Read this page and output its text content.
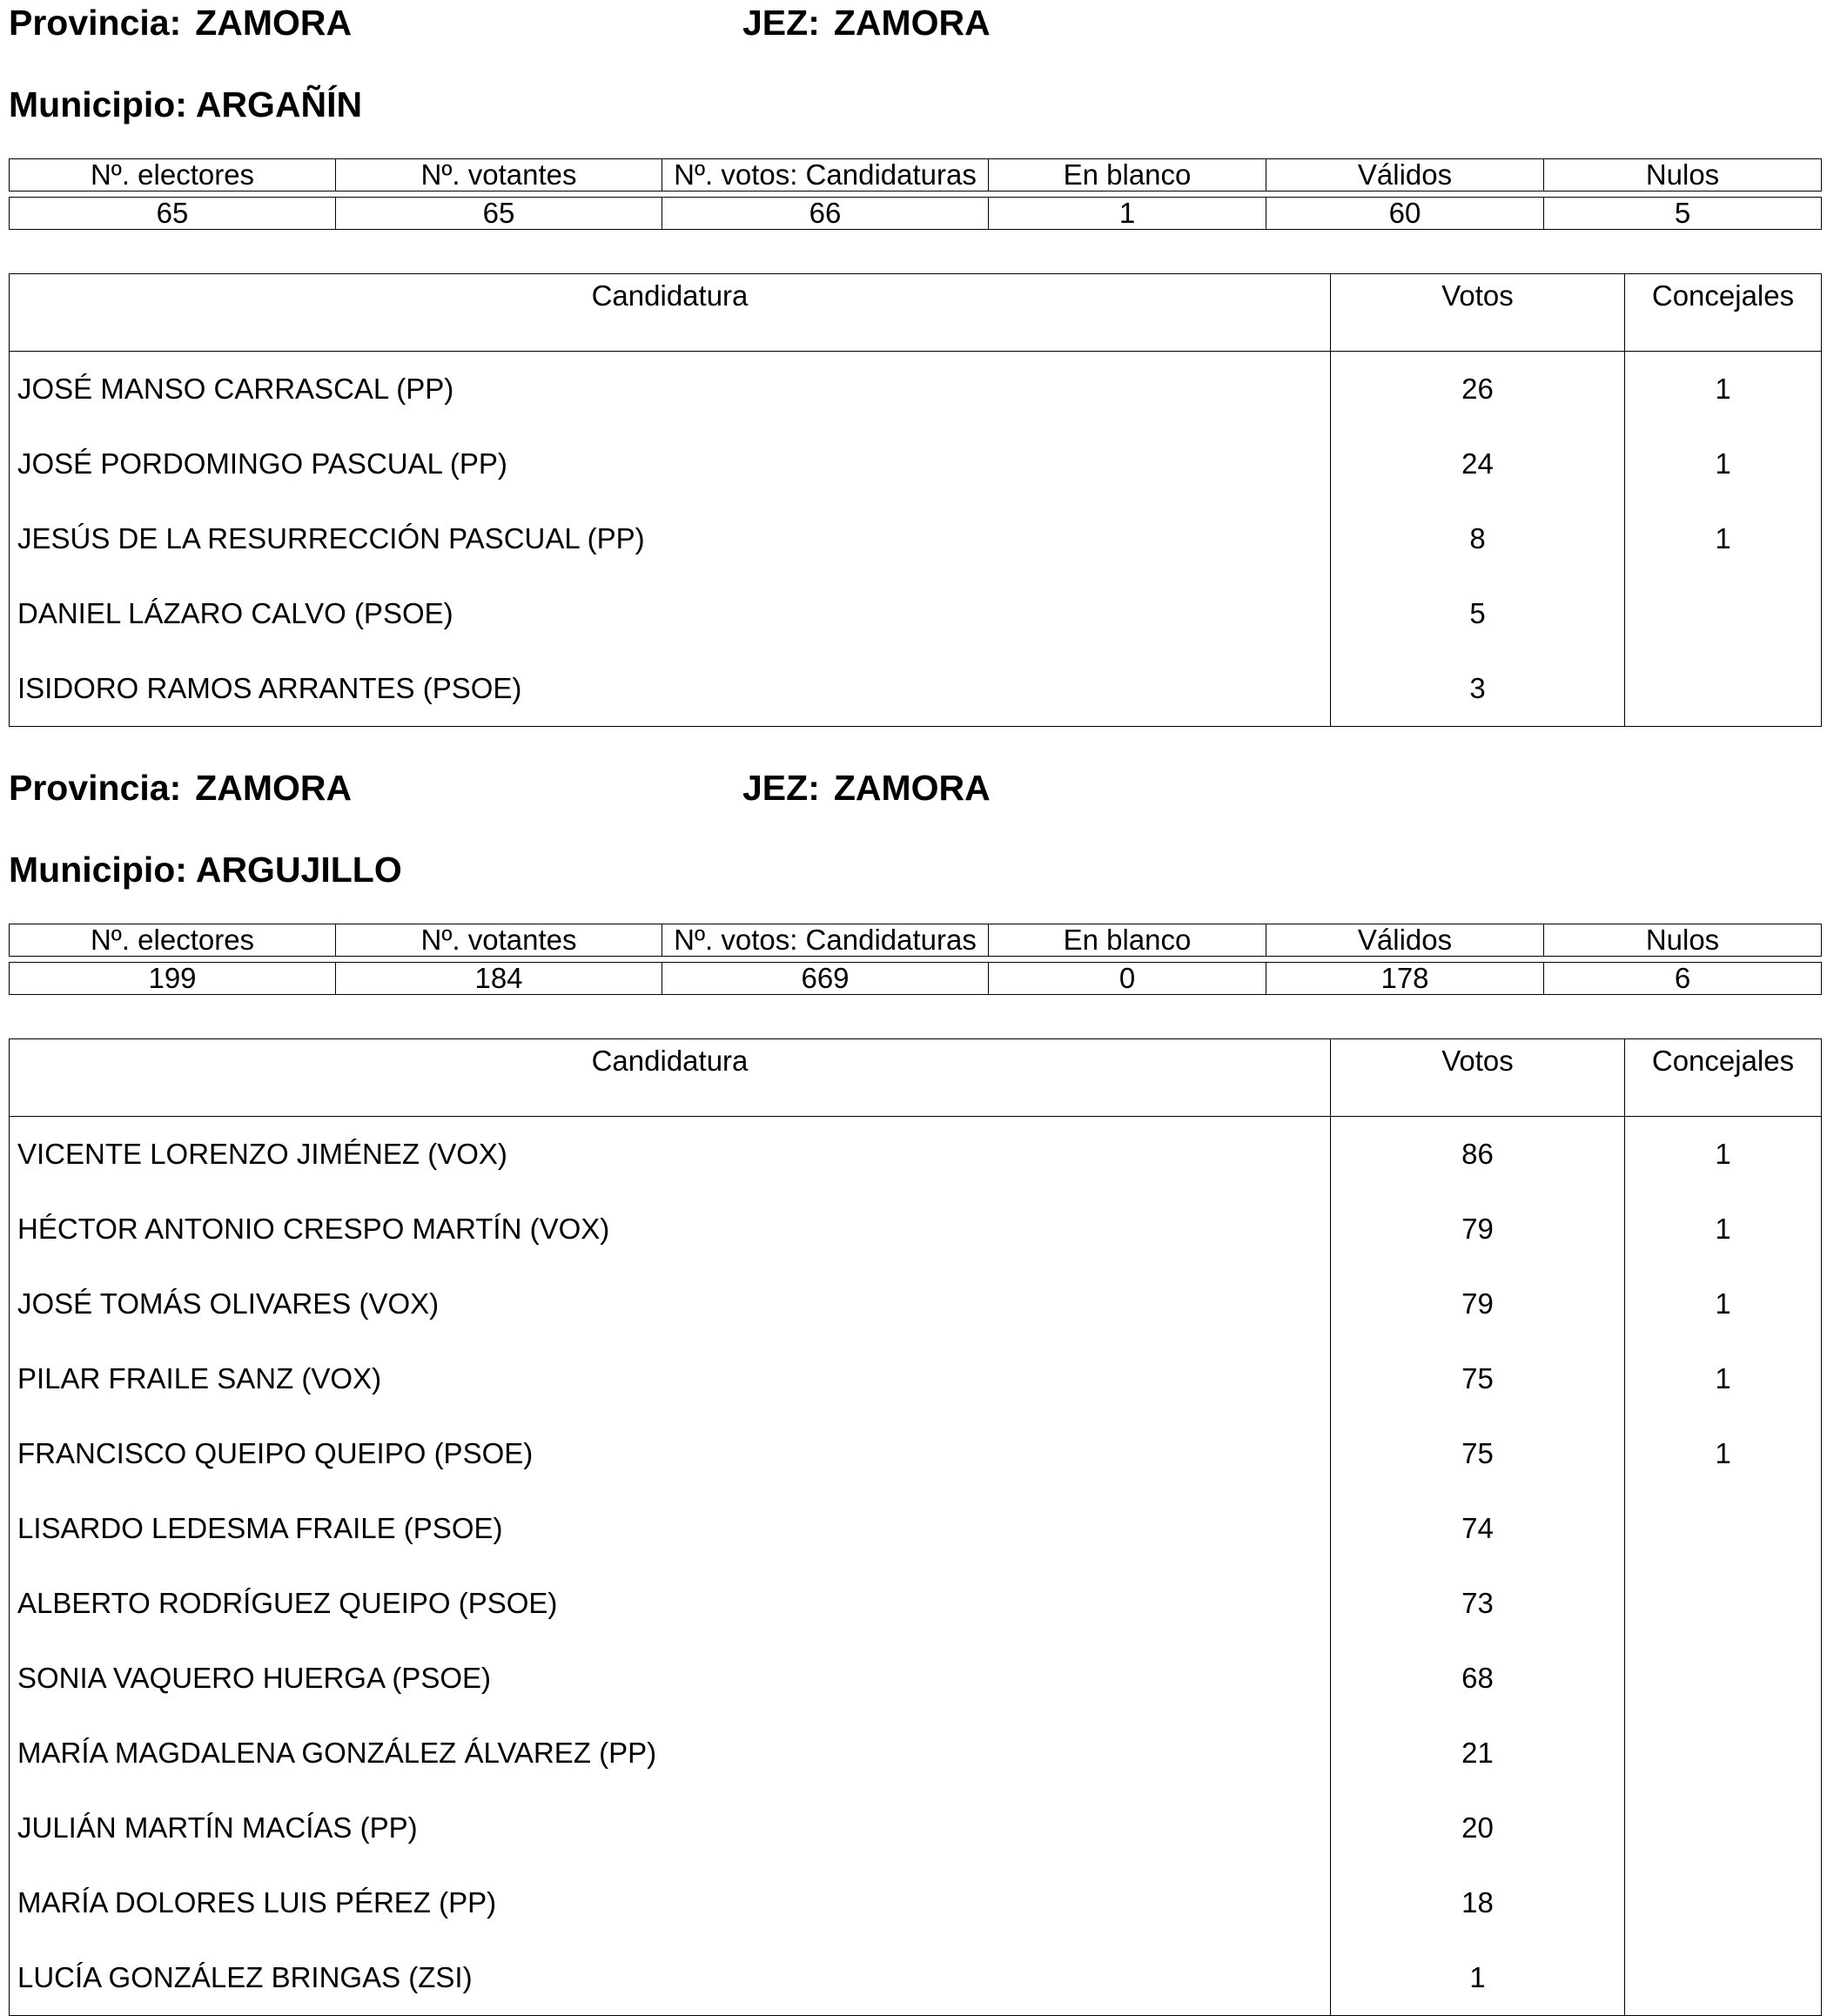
Provincia: ZAMORA	JEZ: ZAMORA
Municipio: ARGAÑÍN
Nº. electores	Nº. votantes	Nº. votos: Candidaturas	En blanco	Válidos	Nulos
65	65	66	1	60	5
Candidatura	Votos	Concejales
JOSÉ MANSO CARRASCAL (PP)	26	1
JOSÉ PORDOMINGO PASCUAL (PP)	24	1
JESÚS DE LA RESURRECCIÓN PASCUAL (PP)	8	1
DANIEL LÁZARO CALVO (PSOE)	5	
ISIDORO RAMOS ARRANTES (PSOE)	3	
Provincia: ZAMORA	JEZ: ZAMORA
Municipio: ARGUJILLO
Nº. electores	Nº. votantes	Nº. votos: Candidaturas	En blanco	Válidos	Nulos
199	184	669	0	178	6
Candidatura	Votos	Concejales
VICENTE LORENZO JIMÉNEZ (VOX)	86	1
HÉCTOR ANTONIO CRESPO MARTÍN (VOX)	79	1
JOSÉ TOMÁS OLIVARES (VOX)	79	1
PILAR FRAILE SANZ (VOX)	75	1
FRANCISCO QUEIPO QUEIPO (PSOE)	75	1
LISARDO LEDESMA FRAILE (PSOE)	74	
ALBERTO RODRÍGUEZ QUEIPO (PSOE)	73	
SONIA VAQUERO HUERGA (PSOE)	68	
MARÍA MAGDALENA GONZÁLEZ ÁLVAREZ (PP)	21	
JULIÁN MARTÍN MACÍAS (PP)	20	
MARÍA DOLORES LUIS PÉREZ (PP)	18	
LUCÍA GONZÁLEZ BRINGAS (ZSI)	1	
